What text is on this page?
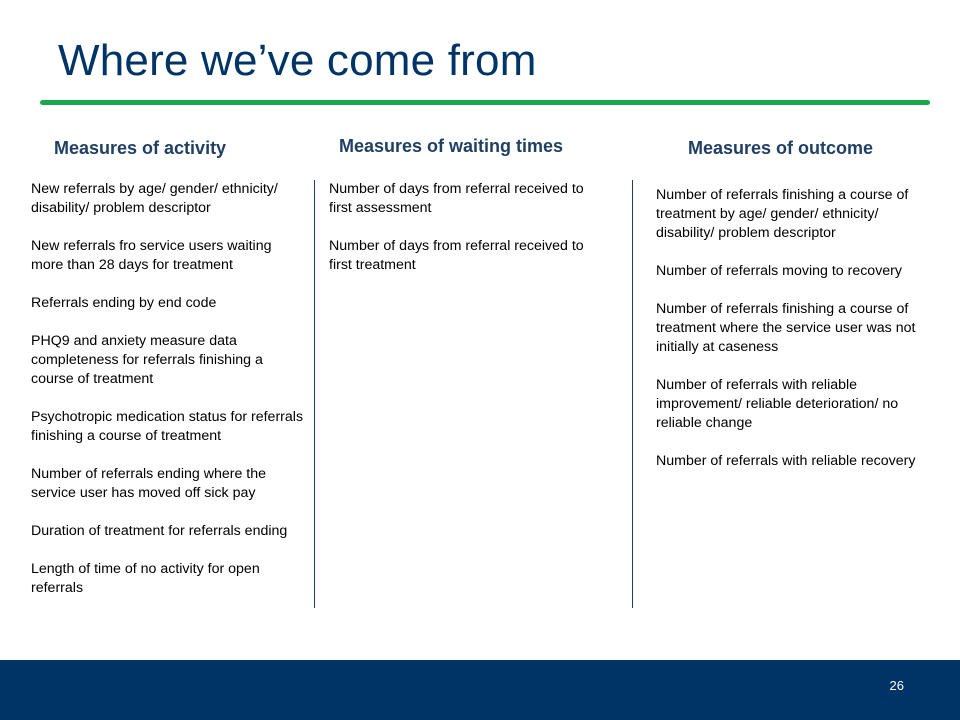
Where we’ve come from
Measures of activity
New referrals by age/ gender/ ethnicity/ disability/ problem descriptor
New referrals fro service users waiting more than 28 days for treatment
Referrals ending by end code
PHQ9 and anxiety measure data completeness for referrals finishing a course of treatment
Psychotropic medication status for referrals finishing a course of treatment
Number of referrals ending where the service user has moved off sick pay
Duration of treatment for referrals ending
Length of time of no activity for open referrals
Measures of waiting times
Number of days from referral received to first assessment
Number of days from referral received to first treatment
Measures of outcome
Number of referrals finishing a course of treatment by age/ gender/ ethnicity/ disability/ problem descriptor
Number of referrals moving to recovery
Number of referrals finishing a course of treatment where the service user was not initially at caseness
Number of referrals with reliable improvement/ reliable deterioration/ no reliable change
Number of referrals with reliable recovery
26
